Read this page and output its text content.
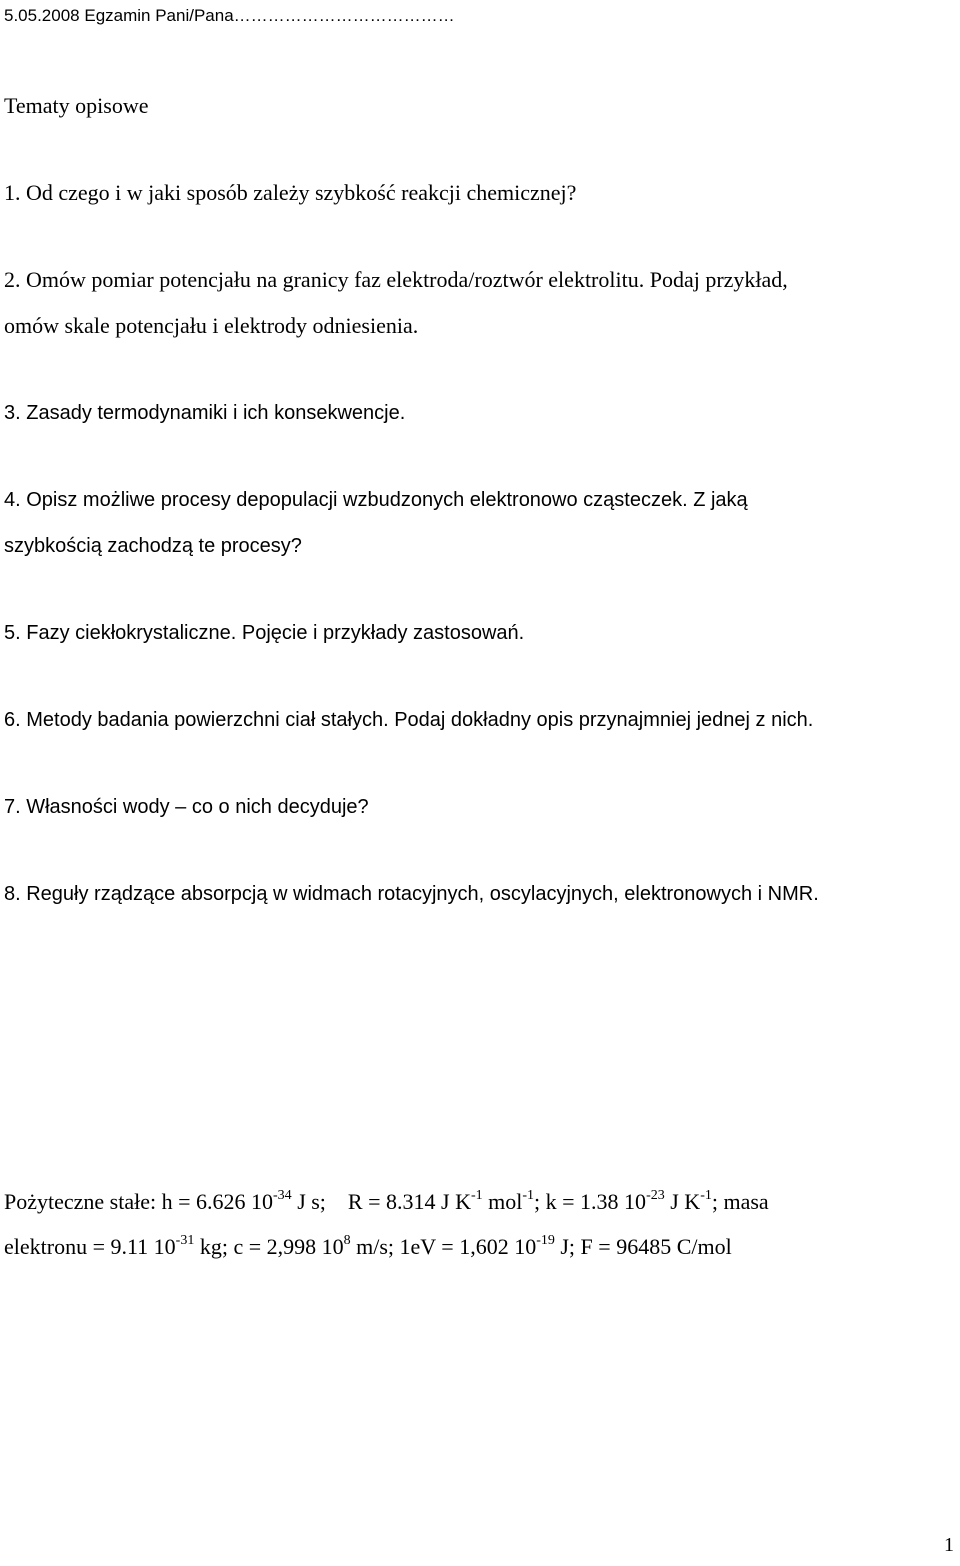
5.05.2008 Egzamin Pani/Pana…………………………………
Tematy opisowe
1. Od czego i w jaki sposób zależy szybkość reakcji chemicznej?
2. Omów pomiar potencjału na granicy faz elektroda/roztwór elektrolitu. Podaj przykład,
omów skale potencjału i elektrody odniesienia.
3. Zasady termodynamiki i ich konsekwencje.
4. Opisz możliwe procesy depopulacji wzbudzonych elektronowo cząsteczek. Z jaką
szybkością zachodzą te procesy?
5. Fazy ciekłokrystaliczne. Pojęcie i przykłady zastosowań.
6. Metody badania powierzchni ciał stałych. Podaj dokładny opis przynajmniej jednej z nich.
7. Własności wody – co o nich decyduje?
8. Reguły rządzące absorpcją w widmach rotacyjnych, oscylacyjnych, elektronowych i NMR.
Pożyteczne stałe: h = 6.626 $10^{-34}$ J s;    R = 8.314 J $K^{-1}$ mol$^{-1}$; k = 1.38 $10^{-23}$ J $K^{-1}$; masa
elektronu = 9.11 $10^{-31}$ kg; c = 2,998 $10^8$ m/s; 1eV = 1,602 $10^{-19}$ J; F = 96485 C/mol
1
